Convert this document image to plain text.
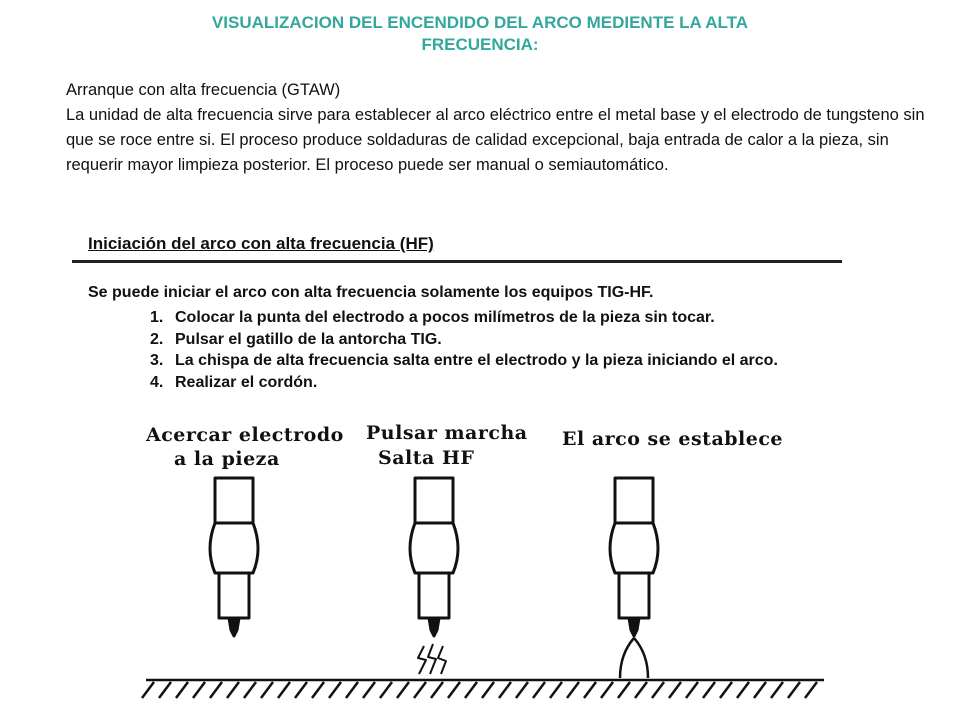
VISUALIZACION DEL ENCENDIDO DEL ARCO MEDIENTE LA ALTA
FRECUENCIA:
Arranque con alta frecuencia (GTAW)
La unidad de alta frecuencia sirve para establecer al arco eléctrico entre el metal base y el electrodo de tungsteno sin que se roce entre si. El proceso produce soldaduras de calidad excepcional, baja entrada de calor a la pieza, sin requerir mayor limpieza posterior. El proceso puede ser manual o semiautomático.
Iniciación del arco con alta frecuencia (HF)
Se puede iniciar el arco con alta frecuencia solamente los equipos TIG-HF.
1. Colocar la punta del electrodo a pocos milímetros de la pieza sin tocar.
2. Pulsar el gatillo de la antorcha TIG.
3. La chispa de alta frecuencia salta entre el electrodo y la pieza iniciando el arco.
4. Realizar el cordón.
Acercar electrodo
a la pieza
Pulsar marcha
Salta HF
El arco se establece
